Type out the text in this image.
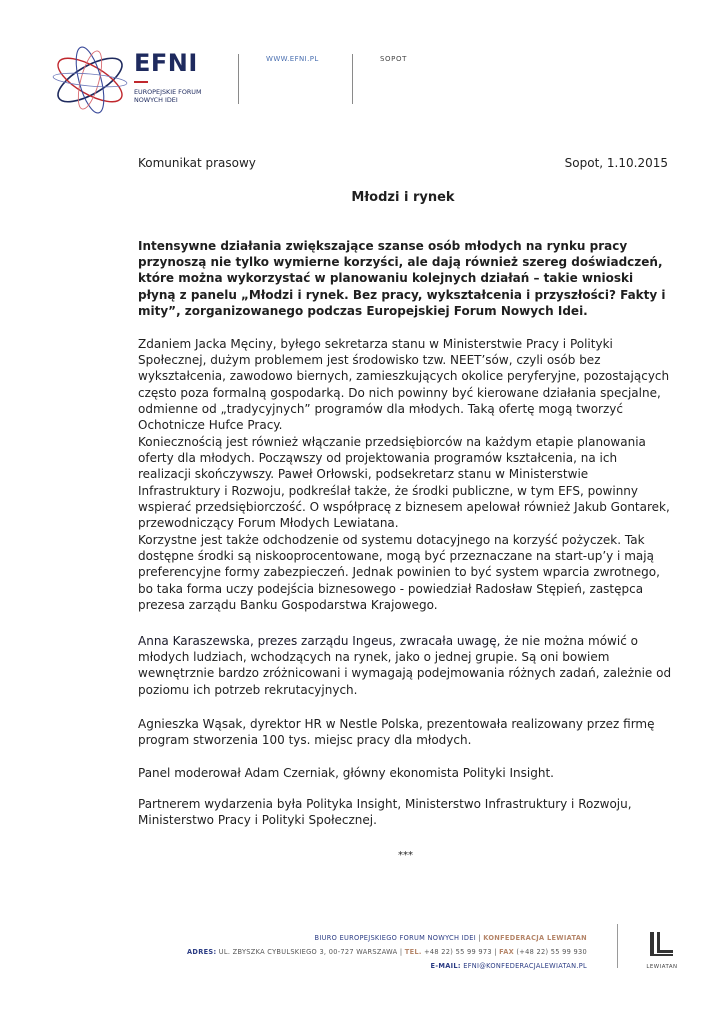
EFNI
EUROPEJSKIE FORUM
NOWYCH IDEI
WWW.EFNI.PL	SOPOT
Komunikat prasowy	Sopot, 1.10.2015
Młodzi i rynek

Intensywne działania zwiększające szanse osób młodych na rynku pracy przynoszą nie tylko wymierne korzyści, ale dają również szereg doświadczeń, które można wykorzystać w planowaniu kolejnych działań – takie wnioski płyną z panelu „Młodzi i rynek. Bez pracy, wykształcenia i przyszłości? Fakty i mity”, zorganizowanego podczas Europejskiej Forum Nowych Idei.

Zdaniem Jacka Męciny, byłego sekretarza stanu w Ministerstwie Pracy i Polityki Społecznej, dużym problemem jest środowisko tzw. NEET’sów, czyli osób bez wykształcenia, zawodowo biernych, zamieszkujących okolice peryferyjne, pozostających często poza formalną gospodarką. Do nich powinny być kierowane działania specjalne, odmienne od „tradycyjnych” programów dla młodych. Taką ofertę mogą tworzyć Ochotnicze Hufce Pracy.

Koniecznością jest również włączanie przedsiębiorców na każdym etapie planowania oferty dla młodych. Począwszy od projektowania programów kształcenia, na ich realizacji skończywszy. Paweł Orłowski, podsekretarz stanu w Ministerstwie Infrastruktury i Rozwoju, podkreślał także, że środki publiczne, w tym EFS, powinny wspierać przedsiębiorczość. O współpracę z biznesem apelował również Jakub Gontarek, przewodniczący Forum Młodych Lewiatana.

Korzystne jest także odchodzenie od systemu dotacyjnego na korzyść pożyczek. Tak dostępne środki są niskooprocentowane, mogą być przeznaczane na start-up’y i mają preferencyjne formy zabezpieczeń. Jednak powinien to być system wparcia zwrotnego, bo taka forma uczy podejścia biznesowego - powiedział Radosław Stępień, zastępca prezesa zarządu Banku Gospodarstwa Krajowego.

Anna Karaszewska, prezes zarządu Ingeus, zwracała uwagę, że nie można mówić o młodych ludziach, wchodzących na rynek, jako o jednej grupie. Są oni bowiem wewnętrznie bardzo zróżnicowani i wymagają podejmowania różnych zadań, zależnie od poziomu ich potrzeb rekrutacyjnych.

Agnieszka Wąsak, dyrektor HR w Nestle Polska, prezentowała realizowany przez firmę program stworzenia 100 tys. miejsc pracy dla młodych.

Panel moderował Adam Czerniak, główny ekonomista Polityki Insight.

Partnerem wydarzenia była Polityka Insight, Ministerstwo Infrastruktury i Rozwoju, Ministerstwo Pracy i Polityki Społecznej.

***
BIURO EUROPEJSKIEGO FORUM NOWYCH IDEI | KONFEDERACJA LEWIATAN
ADRES: UL. ZBYSZKA CYBULSKIEGO 3, 00-727 WARSZAWA | TEL. +48 22) 55 99 973 | FAX (+48 22) 55 99 930
E-MAIL: EFNI@KONFEDERACJALEWIATAN.PL	LEWIATAN
